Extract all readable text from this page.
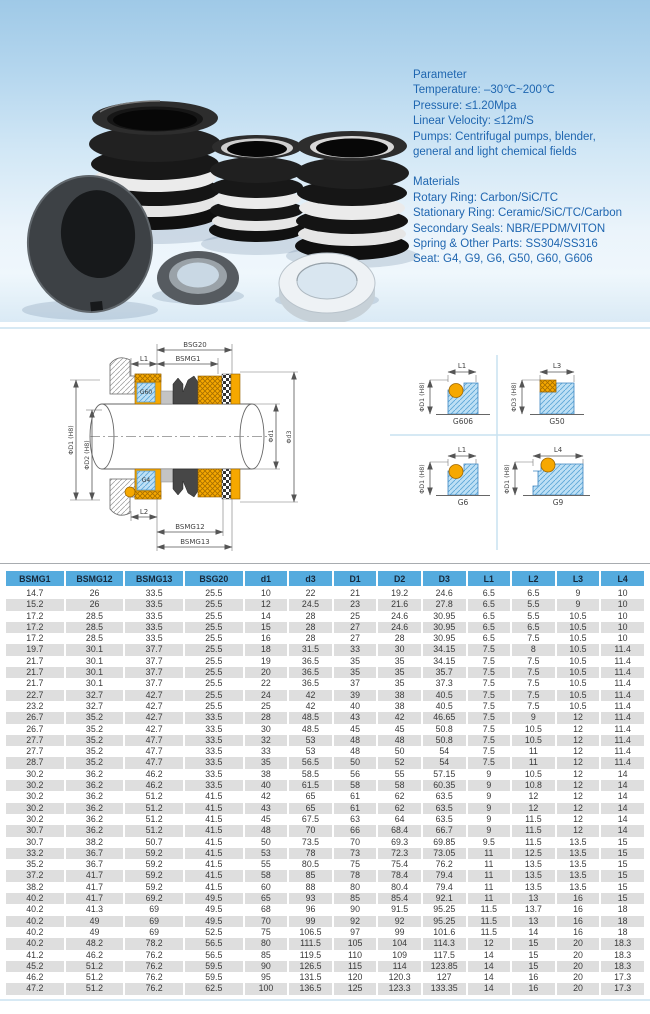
Parameter
Temperature: –30℃~200℃
Pressure: ≤1.20Mpa
Linear Velocity: ≤12m/S
Pumps: Centrifugal pumps, blender,
general and light chemical fields
Materials
Rotary Ring: Carbon/SiC/TC
Stationary Ring: Ceramic/SiC/TC/Carbon
Secondary Seals: NBR/EPDM/VITON
Spring & Other Parts: SS304/SS316
Seat: G4, G9, G6, G50, G60, G606
G60
G4
BSG20
BSMG1
L1
L2
BSMG12
BSMG13
ΦD1 (H8)
ΦD2 (H8)
Φd1 Φd3
L1
ΦD1 (H8)
G606
L3
ΦD3 (H8)
G50
L1
ΦD1 (H8)
G6
L4
ΦD1 (H8)
G9
BSMG1	BSMG12	BSMG13	BSG20	d1	d3	D1	D2	D3	L1	L2	L3	L4
14.7	26	33.5	25.5	10	22	21	19.2	24.6	6.5	6.5	9	10
15.2	26	33.5	25.5	12	24.5	23	21.6	27.8	6.5	5.5	9	10
17.2	28.5	33.5	25.5	14	28	25	24.6	30.95	6.5	5.5	10.5	10
17.2	28.5	33.5	25.5	15	28	27	24.6	30.95	6.5	6.5	10.5	10
17.2	28.5	33.5	25.5	16	28	27	28	30.95	6.5	7.5	10.5	10
19.7	30.1	37.7	25.5	18	31.5	33	30	34.15	7.5	8	10.5	11.4
21.7	30.1	37.7	25.5	19	36.5	35	35	34.15	7.5	7.5	10.5	11.4
21.7	30.1	37.7	25.5	20	36.5	35	35	35.7	7.5	7.5	10.5	11.4
21.7	30.1	37.7	25.5	22	36.5	37	35	37.3	7.5	7.5	10.5	11.4
22.7	32.7	42.7	25.5	24	42	39	38	40.5	7.5	7.5	10.5	11.4
23.2	32.7	42.7	25.5	25	42	40	38	40.5	7.5	7.5	10.5	11.4
26.7	35.2	42.7	33.5	28	48.5	43	42	46.65	7.5	9	12	11.4
26.7	35.2	42.7	33.5	30	48.5	45	45	50.8	7.5	10.5	12	11.4
27.7	35.2	47.7	33.5	32	53	48	48	50.8	7.5	10.5	12	11.4
27.7	35.2	47.7	33.5	33	53	48	50	54	7.5	11	12	11.4
28.7	35.2	47.7	33.5	35	56.5	50	52	54	7.5	11	12	11.4
30.2	36.2	46.2	33.5	38	58.5	56	55	57.15	9	10.5	12	14
30.2	36.2	46.2	33.5	40	61.5	58	58	60.35	9	10.8	12	14
30.2	36.2	51.2	41.5	42	65	61	62	63.5	9	12	12	14
30.2	36.2	51.2	41.5	43	65	61	62	63.5	9	12	12	14
30.2	36.2	51.2	41.5	45	67.5	63	64	63.5	9	11.5	12	14
30.7	36.2	51.2	41.5	48	70	66	68.4	66.7	9	11.5	12	14
30.7	38.2	50.7	41.5	50	73.5	70	69.3	69.85	9.5	11.5	13.5	15
33.2	36.7	59.2	41.5	53	78	73	72.3	73.05	11	12.5	13.5	15
35.2	36.7	59.2	41.5	55	80.5	75	75.4	76.2	11	13.5	13.5	15
37.2	41.7	59.2	41.5	58	85	78	78.4	79.4	11	13.5	13.5	15
38.2	41.7	59.2	41.5	60	88	80	80.4	79.4	11	13.5	13.5	15
40.2	41.7	69.2	49.5	65	93	85	85.4	92.1	11	13	16	15
40.2	41.3	69	49.5	68	96	90	91.5	95.25	11.5	13.7	16	18
40.2	49	69	49.5	70	99	92	92	95.25	11.5	13	16	18
40.2	49	69	52.5	75	106.5	97	99	101.6	11.5	14	16	18
40.2	48.2	78.2	56.5	80	111.5	105	104	114.3	12	15	20	18.3
41.2	46.2	76.2	56.5	85	119.5	110	109	117.5	14	15	20	18.3
45.2	51.2	76.2	59.5	90	126.5	115	114	123.85	14	15	20	18.3
46.2	51.2	76.2	59.5	95	131.5	120	120.3	127	14	16	20	17.3
47.2	51.2	76.2	62.5	100	136.5	125	123.3	133.35	14	16	20	17.3
